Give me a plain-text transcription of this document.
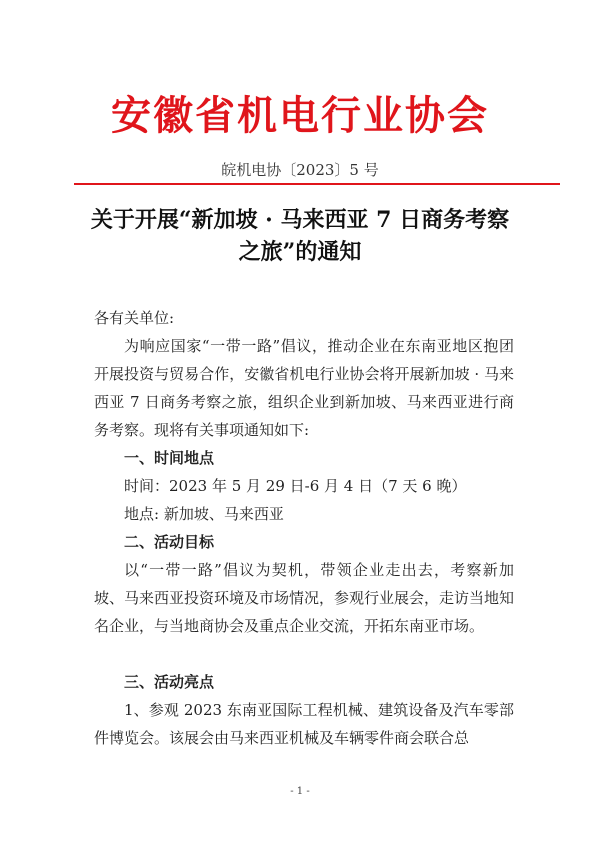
安徽省机电行业协会
皖机电协〔2023〕5 号
关于开展“新加坡 · 马来西亚 7 日商务考察
之旅”的通知
各有关单位:

为响应国家“一带一路”倡议，推动企业在东南亚地区抱团开展投资与贸易合作，安徽省机电行业协会将开展新加坡 · 马来西亚 7 日商务考察之旅，组织企业到新加坡、马来西亚进行商务考察。现将有关事项通知如下:

一、时间地点
时间：2023 年 5 月 29 日-6 月 4 日（7 天 6 晚）
地点: 新加坡、马来西亚
二、活动目标

以“一带一路”倡议为契机，带领企业走出去，考察新加坡、马来西亚投资环境及市场情况，参观行业展会，走访当地知名企业，与当地商协会及重点企业交流，开拓东南亚市场。

三、活动亮点

1、参观 2023 东南亚国际工程机械、建筑设备及汽车零部件博览会。该展会由马来西亚机械及车辆零件商会联合总

- 1 -
